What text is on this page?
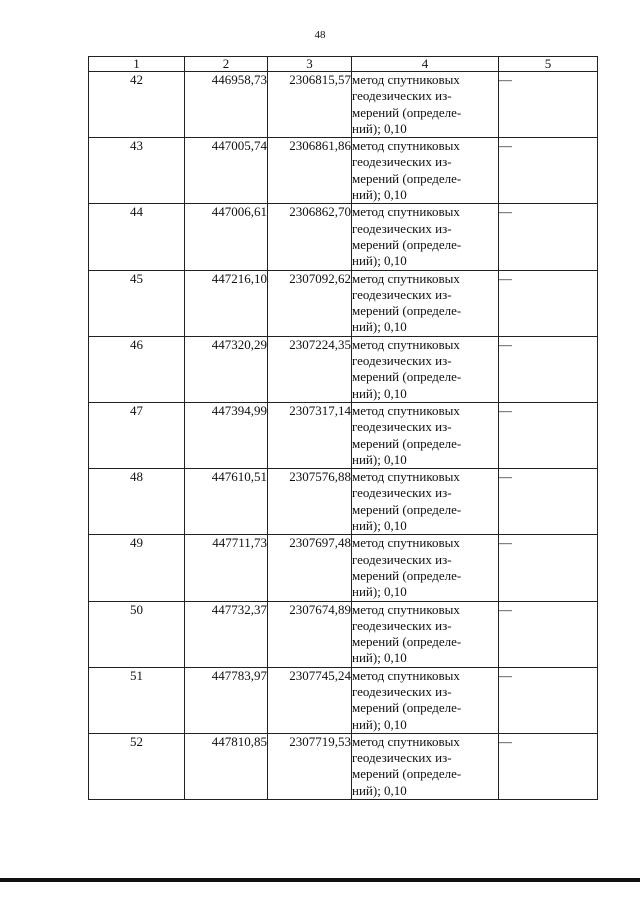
48
1	2	3	4	5
42	446958,73	2306815,57	метод спутниковых
геодезических из-
мерений (определе-
ний); 0,10	—
43	447005,74	2306861,86	метод спутниковых
геодезических из-
мерений (определе-
ний); 0,10	—
44	447006,61	2306862,70	метод спутниковых
геодезических из-
мерений (определе-
ний); 0,10	—
45	447216,10	2307092,62	метод спутниковых
геодезических из-
мерений (определе-
ний); 0,10	—
46	447320,29	2307224,35	метод спутниковых
геодезических из-
мерений (определе-
ний); 0,10	—
47	447394,99	2307317,14	метод спутниковых
геодезических из-
мерений (определе-
ний); 0,10	—
48	447610,51	2307576,88	метод спутниковых
геодезических из-
мерений (определе-
ний); 0,10	—
49	447711,73	2307697,48	метод спутниковых
геодезических из-
мерений (определе-
ний); 0,10	—
50	447732,37	2307674,89	метод спутниковых
геодезических из-
мерений (определе-
ний); 0,10	—
51	447783,97	2307745,24	метод спутниковых
геодезических из-
мерений (определе-
ний); 0,10	—
52	447810,85	2307719,53	метод спутниковых
геодезических из-
мерений (определе-
ний); 0,10	—
